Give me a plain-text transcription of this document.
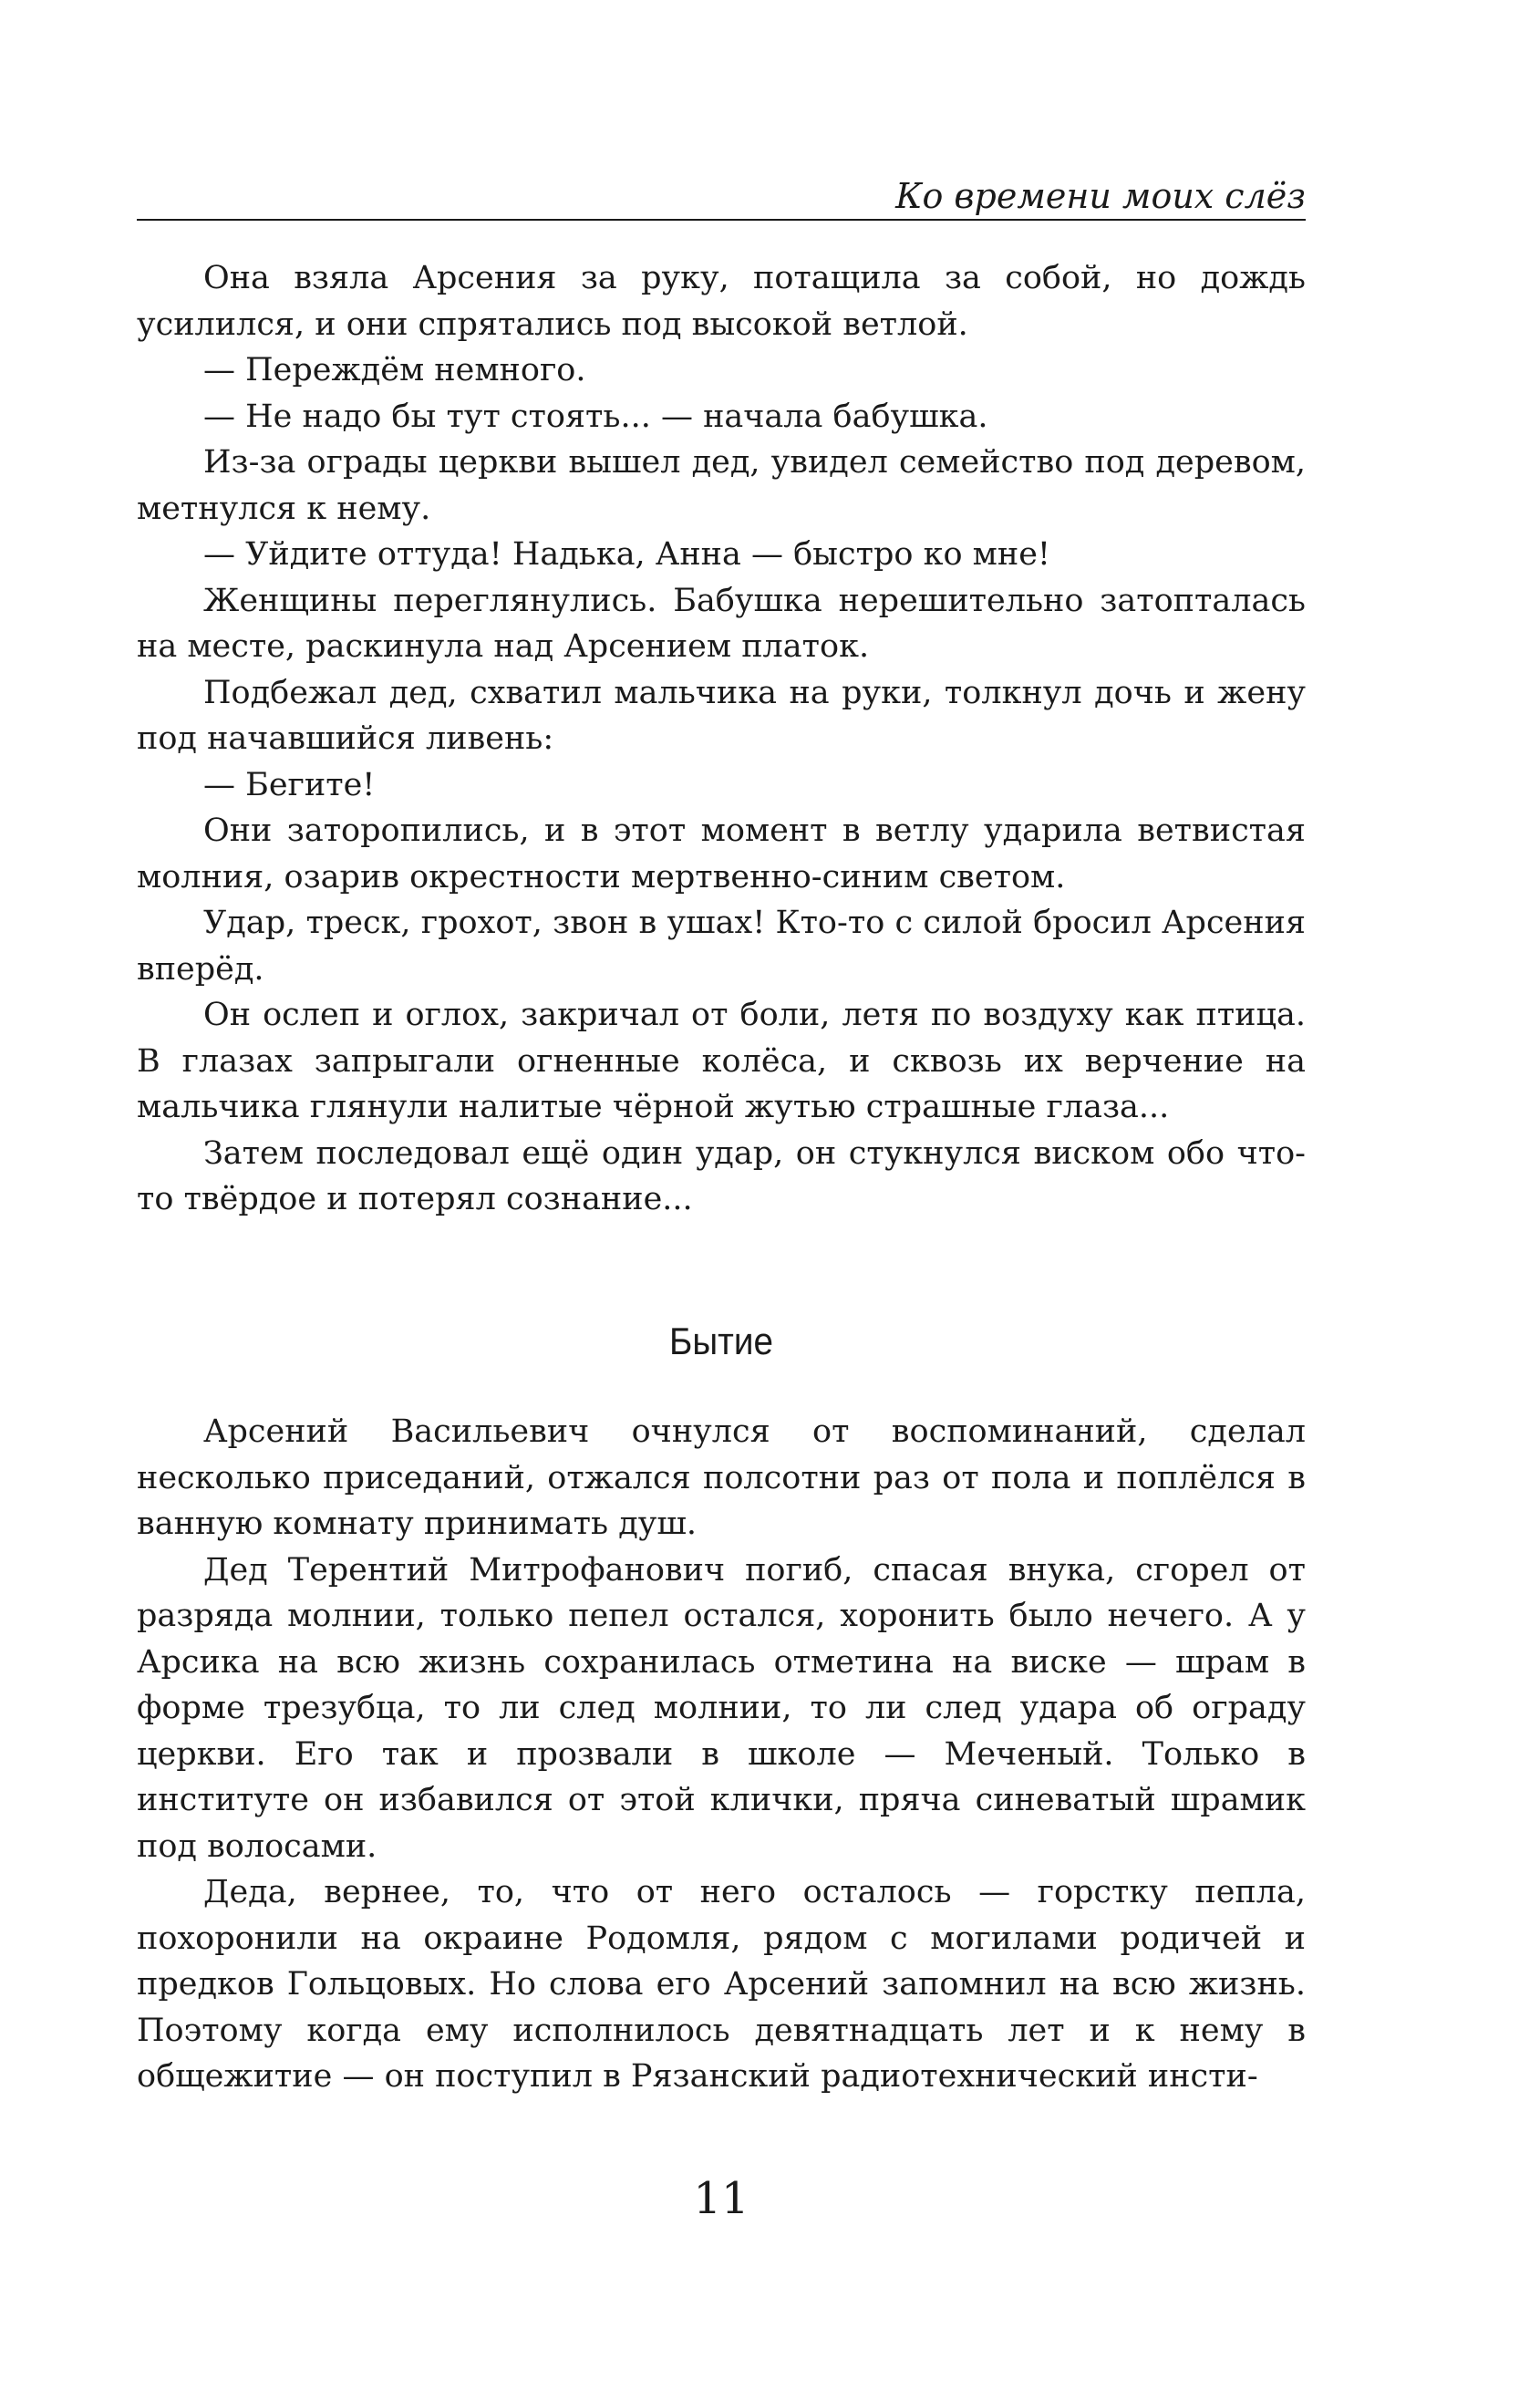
Ко времени моих слёз

Она взяла Арсения за руку, потащила за собой, но дождь усилился, и они спрятались под высокой ветлой.

— Переждём немного.

— Не надо бы тут стоять... — начала бабушка.

Из-за ограды церкви вышел дед, увидел семейство под деревом, метнулся к нему.

— Уйдите оттуда! Надька, Анна — быстро ко мне!

Женщины переглянулись. Бабушка нерешительно затопталась на месте, раскинула над Арсением платок.

Подбежал дед, схватил мальчика на руки, толкнул дочь и жену под начавшийся ливень:

— Бегите!

Они заторопились, и в этот момент в ветлу ударила ветвистая молния, озарив окрестности мертвенно-синим светом.

Удар, треск, грохот, звон в ушах! Кто-то с силой бросил Арсения вперёд.

Он ослеп и оглох, закричал от боли, летя по воздуху как птица. В глазах запрыгали огненные колёса, и сквозь их верчение на мальчика глянули налитые чёрной жутью страшные глаза...

Затем последовал ещё один удар, он стукнулся виском обо что-то твёрдое и потерял сознание...

Бытие

Арсений Васильевич очнулся от воспоминаний, сделал несколько приседаний, отжался полсотни раз от пола и поплёлся в ванную комнату принимать душ.

Дед Терентий Митрофанович погиб, спасая внука, сгорел от разряда молнии, только пепел остался, хоронить было нечего. А у Арсика на всю жизнь сохранилась отметина на виске — шрам в форме трезубца, то ли след молнии, то ли след удара об ограду церкви. Его так и прозвали в школе — Меченый. Только в институте он избавился от этой клички, пряча синеватый шрамик под волосами.

Деда, вернее, то, что от него осталось — горстку пепла, похоронили на окраине Родомля, рядом с могилами родичей и предков Гольцовых. Но слова его Арсений запомнил на всю жизнь. Поэтому когда ему исполнилось девятнадцать лет и к нему в общежитие — он поступил в Рязанский радиотехнический инсти-

11
